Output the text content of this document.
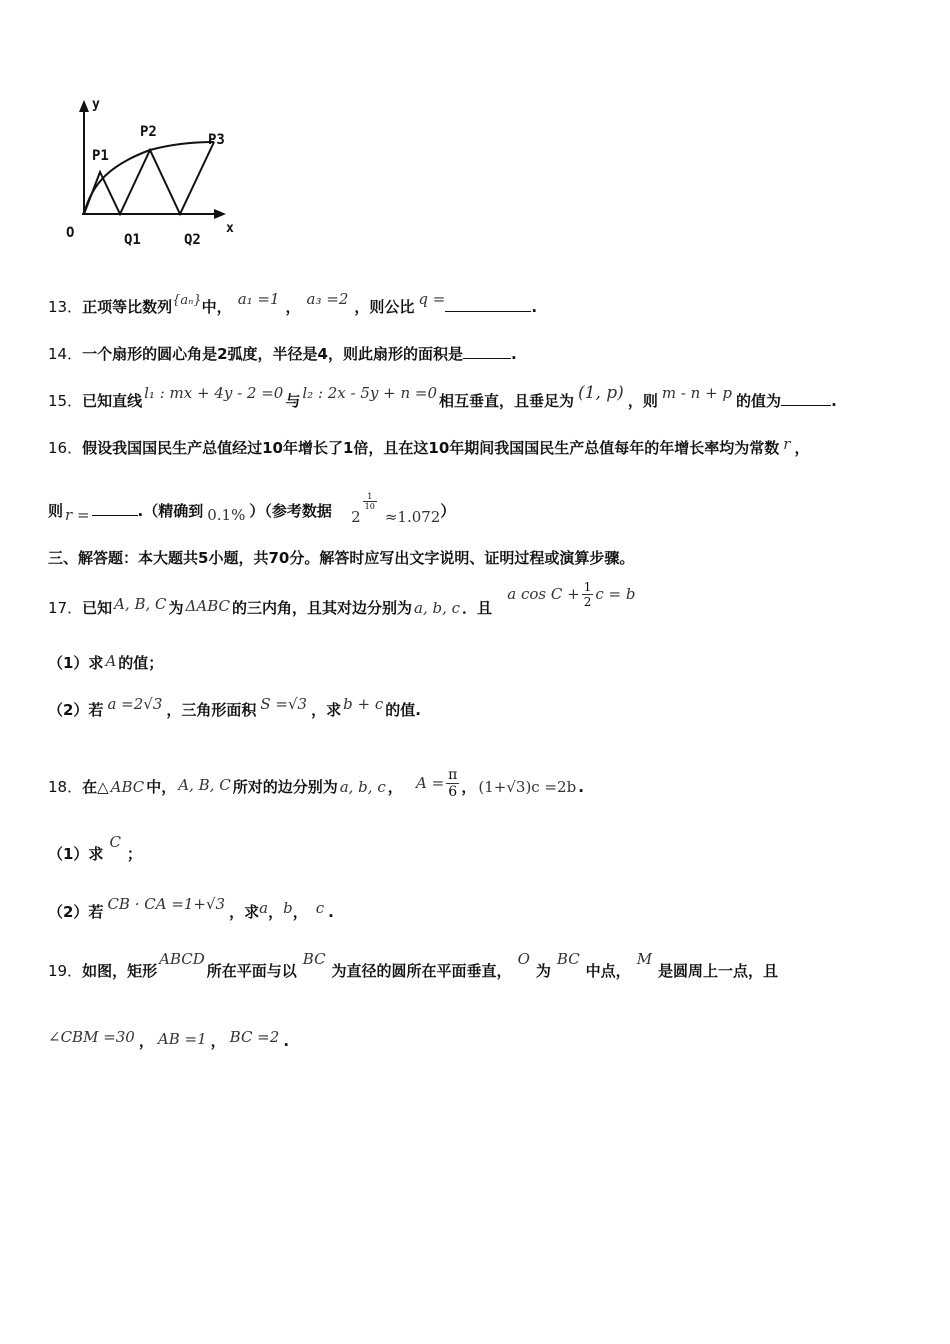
y
x
O
P1
P2	P3
Q1	Q2
13．正项等比数列{aₙ}中， a₁ =1 ， a₃ =2 ，则公比 q =	.
14．一个扇形的圆心角是2弧度，半径是4，则此扇形的面积是	.
15．已知直线 l₁ : mx + 4y - 2 =0 与 l₂ : 2x - 5y + n =0 相互垂直，且垂足为 (1, p) ，则 m - n + p 的值为	.
16．假设我国国民生产总值经过10年增长了1倍，且在这10年期间我国国民生产总值每年的年增长率均为常数 r ，
则 r =	.（精确到 0.1% ）（参考数据 2
$\frac{1}{10}$
≈1.072）
三、解答题：本大题共5小题，共70分。解答时应写出文字说明、证明过程或演算步骤。
17．已知 A, B, C 为 ΔABC 的三内角，且其对边分别为 a, b, c ．且 a $\cos C + \frac{1}{2}$ c = b
（1）求 A 的值；
（2）若 a =2√3 ，三角形面积 S =√3 ，求 b + c 的值.
18．在△ ABC 中， A, B, C 所对的边分别为 a, b, c ， $A = \frac{\pi}{6}$ ， (1+√3)c =2b .
（1）求C；
（2）若 CB · CA =1+√3 ，求a，b， c .
19．如图，矩形ABCD所在平面与以BC为直径的圆所在平面垂直，O为BC中点，M是圆周上一点，且
∠CBM =30 ， AB =1 ， BC =2 .
